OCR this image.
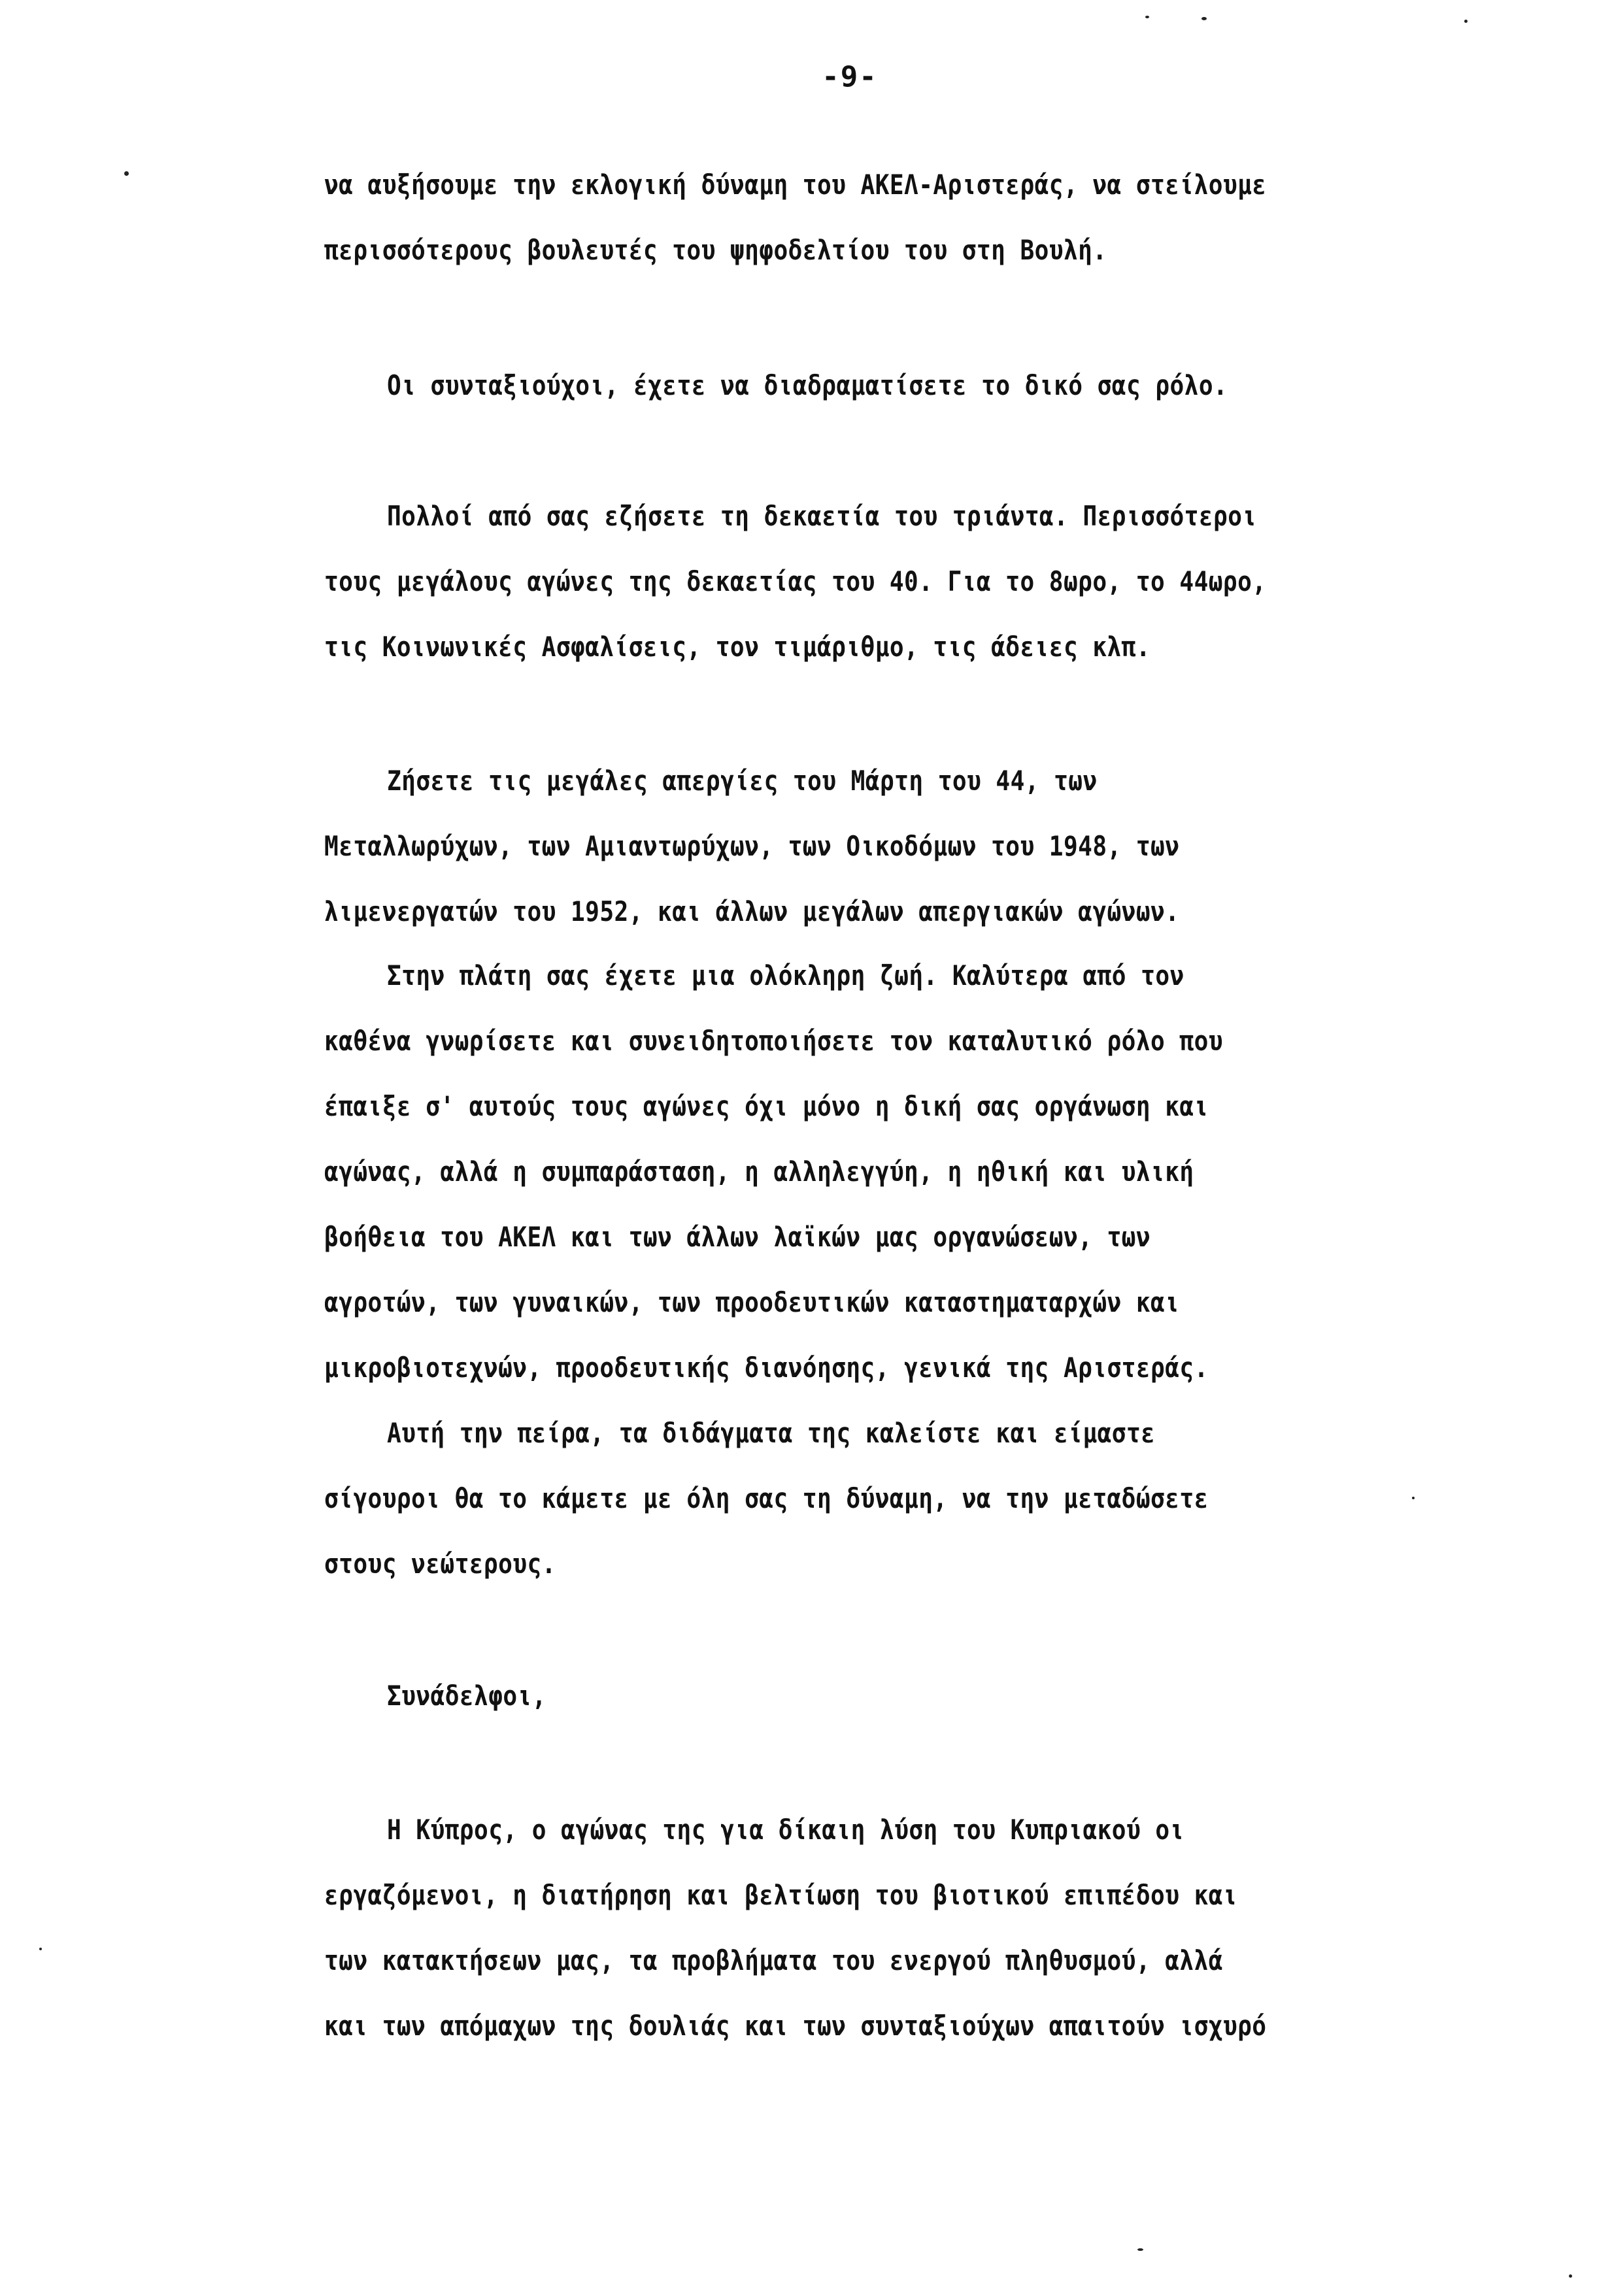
-9-
να αυξήσουμε την εκλογική δύναμη του ΑΚΕΛ-Αριστεράς, να στείλουμε
περισσότερους βουλευτές του ψηφοδελτίου του στη Βουλή.
Οι συνταξιούχοι, έχετε να διαδραματίσετε το δικό σας ρόλο.
Πολλοί από σας εζήσετε τη δεκαετία του τριάντα. Περισσότεροι
τους μεγάλους αγώνες της δεκαετίας του 40. Για το 8ωρο, το 44ωρο,
τις Κοινωνικές Ασφαλίσεις, τον τιμάριθμο, τις άδειες κλπ.
Ζήσετε τις μεγάλες απεργίες του Μάρτη του 44, των
Μεταλλωρύχων, των Αμιαντωρύχων, των Οικοδόμων του 1948, των
λιμενεργατών του 1952, και άλλων μεγάλων απεργιακών αγώνων.
Στην πλάτη σας έχετε μια ολόκληρη ζωή. Καλύτερα από τον
καθένα γνωρίσετε και συνειδητοποιήσετε τον καταλυτικό ρόλο που
έπαιξε σ' αυτούς τους αγώνες όχι μόνο η δική σας οργάνωση και
αγώνας, αλλά η συμπαράσταση, η αλληλεγγύη, η ηθική και υλική
βοήθεια του ΑΚΕΛ και των άλλων λαϊκών μας οργανώσεων, των
αγροτών, των γυναικών, των προοδευτικών καταστηματαρχών και
μικροβιοτεχνών, προοδευτικής διανόησης, γενικά της Αριστεράς.
Αυτή την πείρα, τα διδάγματα της καλείστε και είμαστε
σίγουροι θα το κάμετε με όλη σας τη δύναμη, να την μεταδώσετε
στους νεώτερους.
Συνάδελφοι,
Η Κύπρος, ο αγώνας της για δίκαιη λύση του Κυπριακού οι
εργαζόμενοι, η διατήρηση και βελτίωση του βιοτικού επιπέδου και
των κατακτήσεων μας, τα προβλήματα του ενεργού πληθυσμού, αλλά
και των απόμαχων της δουλιάς και των συνταξιούχων απαιτούν ισχυρό
